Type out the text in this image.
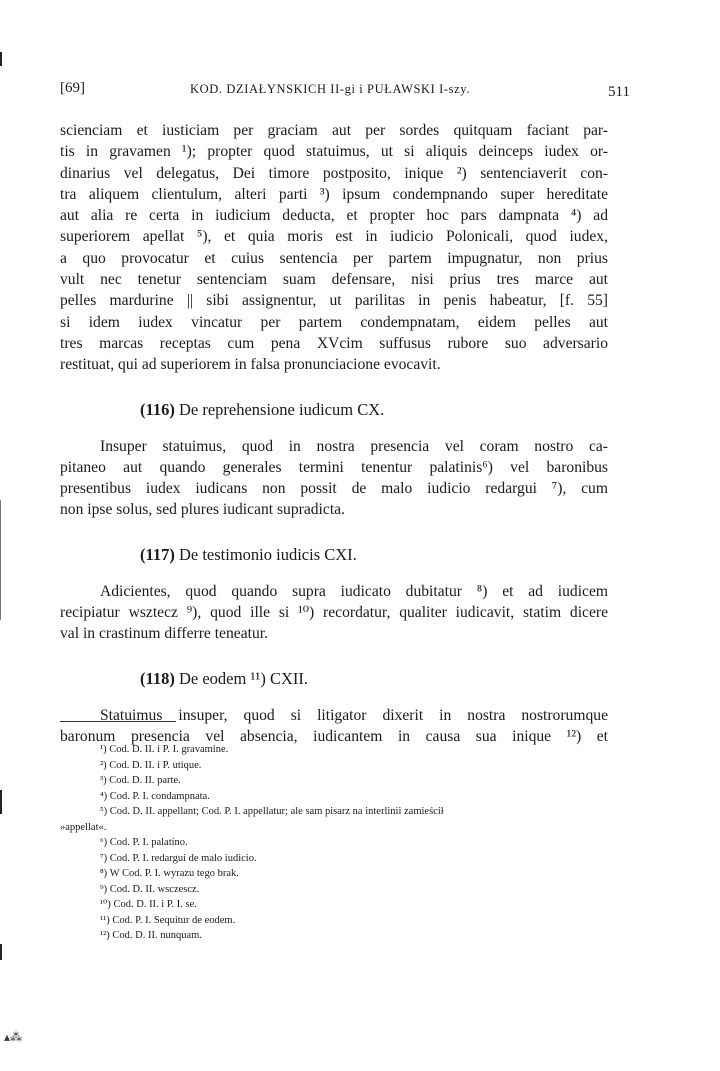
[69]	KOD. DZIAŁYNSKICH II-gi i PUŁAWSKI I-szy.	511

scienciam et iusticiam per graciam aut per sordes quitquam faciant par-
tis in gravamen ¹); propter quod statuimus, ut si aliquis deinceps iudex or-
dinarius vel delegatus, Dei timore postposito, inique ²) sentenciaverit con-
tra aliquem clientulum, alteri parti ³) ipsum condempnando super hereditate
aut alia re certa in iudicium deducta, et propter hoc pars dampnata ⁴) ad
superiorem apellat ⁵), et quia moris est in iudicio Polonicali, quod iudex,
a quo provocatur et cuius sentencia per partem impugnatur, non prius
vult nec tenetur sentenciam suam defensare, nisi prius tres marce aut
pelles mardurine || sibi assignentur, ut parilitas in penis habeatur, [f. 55]
si idem iudex vincatur per partem condempnatam, eidem pelles aut
tres marcas receptas cum pena XVcim suffusus rubore suo adversario
restituat, qui ad superiorem in falsa pronunciacione evocavit.

(116) De reprehensione iudicum CX.

Insuper statuimus, quod in nostra presencia vel coram nostro ca-
pitaneo aut quando generales termini tenentur palatinis⁶) vel baronibus
presentibus iudex iudicans non possit de malo iudicio redargui ⁷), cum
non ipse solus, sed plures iudicant supradicta.

(117) De testimonio iudicis CXI.

Adicientes, quod quando supra iudicato dubitatur ⁸) et ad iudicem
recipiatur wsztecz ⁹), quod ille si ¹⁰) recordatur, qualiter iudicavit, statim dicere
val in crastinum differre teneatur.

(118) De eodem ¹¹) CXII.

Statuimus insuper, quod si litigator dixerit in nostra nostrorumque
baronum presencia vel absencia, iudicantem in causa sua inique ¹²) et

¹) Cod. D. II. i P. I. gravamine.

²) Cod. D. II. i P. utique.

³) Cod. D. II. parte.

⁴) Cod. P. I. condampnata.

⁵) Cod. D. II. appellant; Cod. P. I. appellatur; ale sam pisarz na interlinii zamieścił

»appellat«.

⁶) Cod. P. I. palatino.

⁷) Cod. P. I. redargui de malo iudicio.

⁸) W Cod. P. I. wyrazu tego brak.

⁹) Cod. D. II. wsczescz.

¹⁰) Cod. D. II. i P. I. se.

¹¹) Cod. P. I. Sequitur de eodem.

¹²) Cod. D. II. nunquam.

▴⁂
